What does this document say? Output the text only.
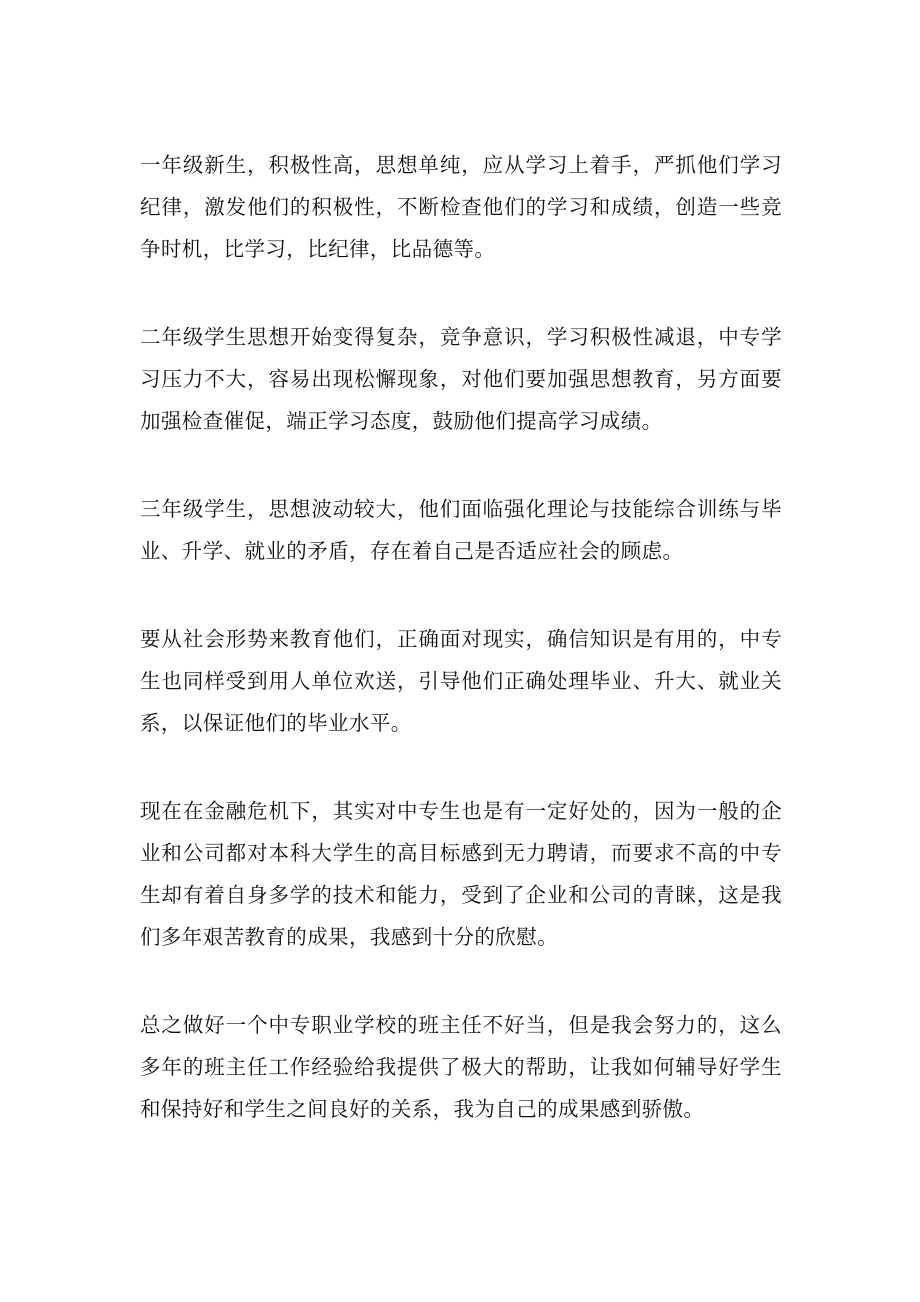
一年级新生，积极性高，思想单纯，应从学习上着手，严抓他们学习纪律，激发他们的积极性，不断检查他们的学习和成绩，创造一些竞争时机，比学习，比纪律，比品德等。

二年级学生思想开始变得复杂，竞争意识，学习积极性减退，中专学习压力不大，容易出现松懈现象，对他们要加强思想教育，另方面要加强检查催促，端正学习态度，鼓励他们提高学习成绩。

三年级学生，思想波动较大，他们面临强化理论与技能综合训练与毕业、升学、就业的矛盾，存在着自己是否适应社会的顾虑。

要从社会形势来教育他们，正确面对现实，确信知识是有用的，中专生也同样受到用人单位欢送，引导他们正确处理毕业、升大、就业关系，以保证他们的毕业水平。

现在在金融危机下，其实对中专生也是有一定好处的，因为一般的企业和公司都对本科大学生的高目标感到无力聘请，而要求不高的中专生却有着自身多学的技术和能力，受到了企业和公司的青睐，这是我们多年艰苦教育的成果，我感到十分的欣慰。

总之做好一个中专职业学校的班主任不好当，但是我会努力的，这么多年的班主任工作经验给我提供了极大的帮助，让我如何辅导好学生和保持好和学生之间良好的关系，我为自己的成果感到骄傲。
